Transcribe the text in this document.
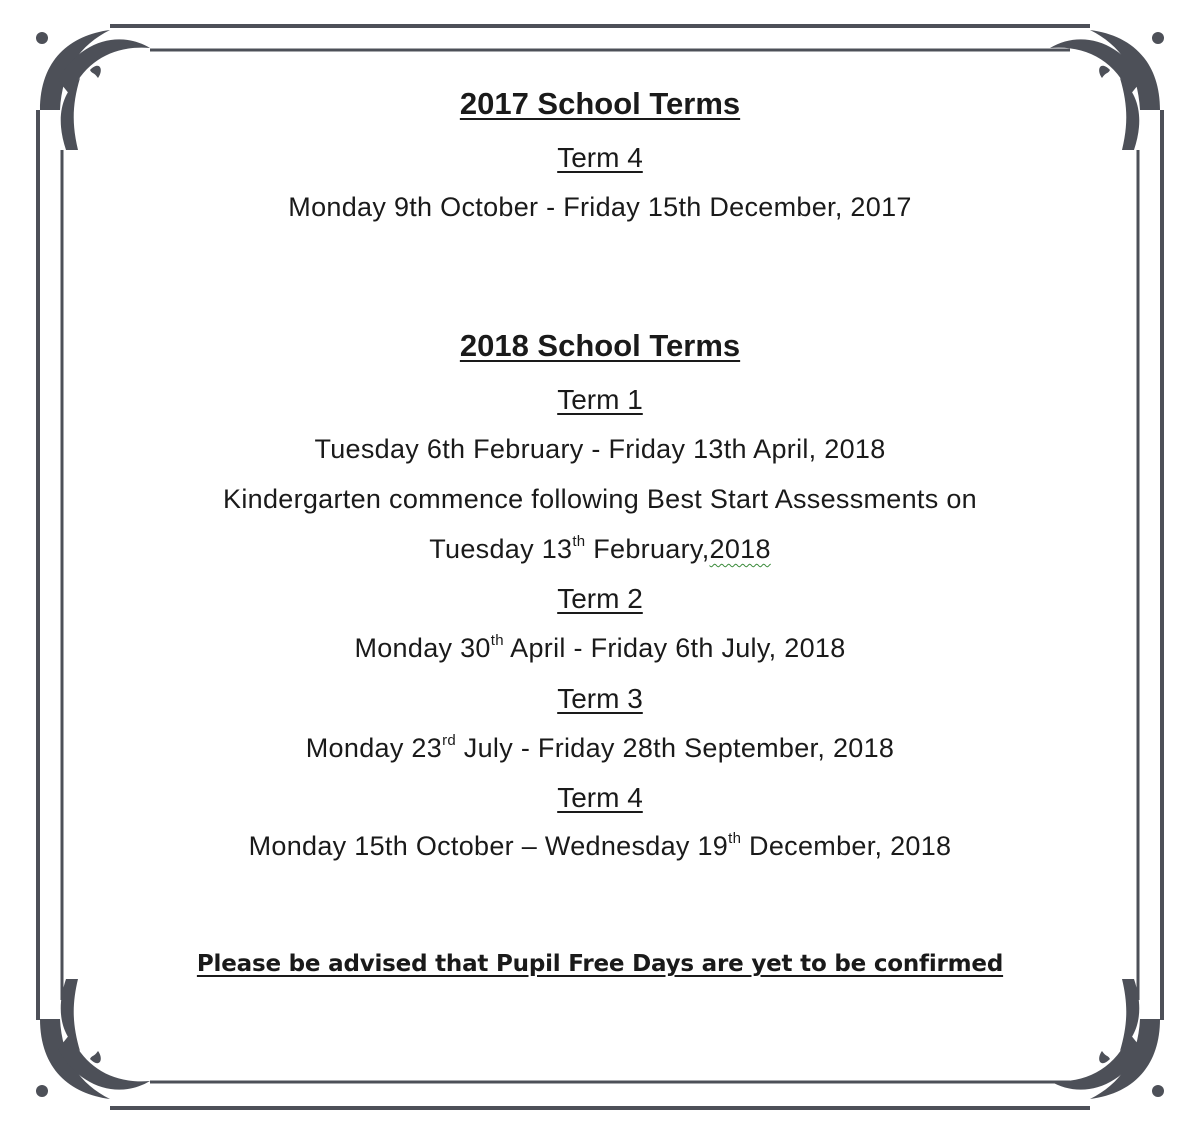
2017 School Terms
Term 4
Monday 9th October - Friday 15th December, 2017
2018 School Terms
Term 1
Tuesday 6th February - Friday 13th April, 2018
Kindergarten commence following Best Start Assessments on
Tuesday 13th February,2018
Term 2
Monday 30th April - Friday 6th July, 2018
Term 3
Monday 23rd July - Friday 28th September, 2018
Term 4
Monday 15th October – Wednesday 19th December, 2018
Please be advised that Pupil Free Days are yet to be confirmed
